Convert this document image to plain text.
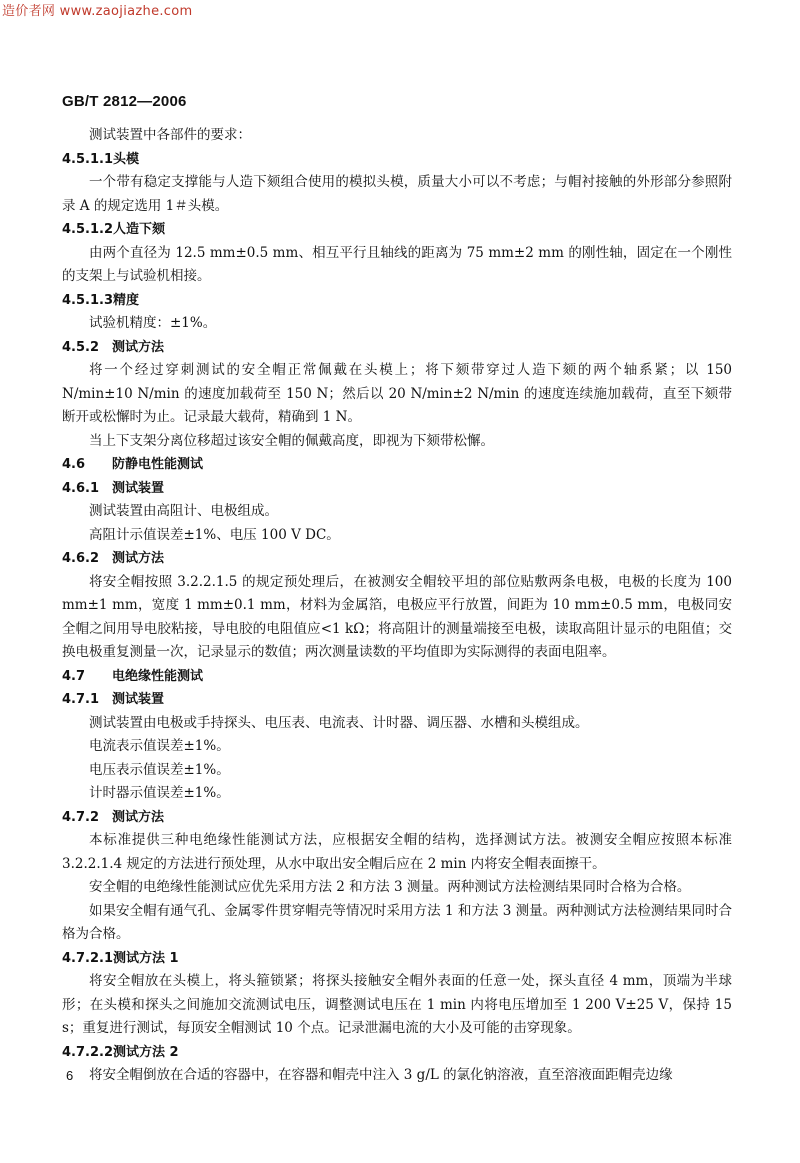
造价者网 www.zaojiazhe.com
GB/T 2812—2006

测试装置中各部件的要求：

4.5.1.1头模

一个带有稳定支撑能与人造下颏组合使用的模拟头模，质量大小可以不考虑；与帽衬接触的外形部分参照附录 A 的规定选用 1＃头模。

4.5.1.2人造下颏

由两个直径为 12.5 mm±0.5 mm、相互平行且轴线的距离为 75 mm±2 mm 的刚性轴，固定在一个刚性的支架上与试验机相接。

4.5.1.3精度

试验机精度：±1%。

4.5.2 测试方法

将一个经过穿刺测试的安全帽正常佩戴在头模上；将下颏带穿过人造下颏的两个轴系紧；以 150 N/min±10 N/min 的速度加载荷至 150 N；然后以 20 N/min±2 N/min 的速度连续施加载荷，直至下颏带断开或松懈时为止。记录最大载荷，精确到 1 N。

当上下支架分离位移超过该安全帽的佩戴高度，即视为下颏带松懈。

4.6 防静电性能测试

4.6.1 测试装置

测试装置由高阻计、电极组成。

高阻计示值误差±1%、电压 100 V DC。

4.6.2 测试方法

将安全帽按照 3.2.2.1.5 的规定预处理后，在被测安全帽较平坦的部位贴敷两条电极，电极的长度为 100 mm±1 mm，宽度 1 mm±0.1 mm，材料为金属箔，电极应平行放置，间距为 10 mm±0.5 mm，电极同安全帽之间用导电胶粘接，导电胶的电阻值应<1 kΩ；将高阻计的测量端接至电极，读取高阻计显示的电阻值；交换电极重复测量一次，记录显示的数值；两次测量读数的平均值即为实际测得的表面电阻率。

4.7 电绝缘性能测试

4.7.1 测试装置

测试装置由电极或手持探头、电压表、电流表、计时器、调压器、水槽和头模组成。

电流表示值误差±1%。

电压表示值误差±1%。

计时器示值误差±1%。

4.7.2 测试方法

本标准提供三种电绝缘性能测试方法，应根据安全帽的结构，选择测试方法。被测安全帽应按照本标准 3.2.2.1.4 规定的方法进行预处理，从水中取出安全帽后应在 2 min 内将安全帽表面擦干。

安全帽的电绝缘性能测试应优先采用方法 2 和方法 3 测量。两种测试方法检测结果同时合格为合格。

如果安全帽有通气孔、金属零件贯穿帽壳等情况时采用方法 1 和方法 3 测量。两种测试方法检测结果同时合格为合格。

4.7.2.1测试方法 1

将安全帽放在头模上，将头箍锁紧；将探头接触安全帽外表面的任意一处，探头直径 4 mm，顶端为半球形；在头模和探头之间施加交流测试电压，调整测试电压在 1 min 内将电压增加至 1 200 V±25 V，保持 15 s；重复进行测试，每顶安全帽测试 10 个点。记录泄漏电流的大小及可能的击穿现象。

4.7.2.2测试方法 2

将安全帽倒放在合适的容器中，在容器和帽壳中注入 3 g/L 的氯化钠溶液，直至溶液面距帽壳边缘

6
